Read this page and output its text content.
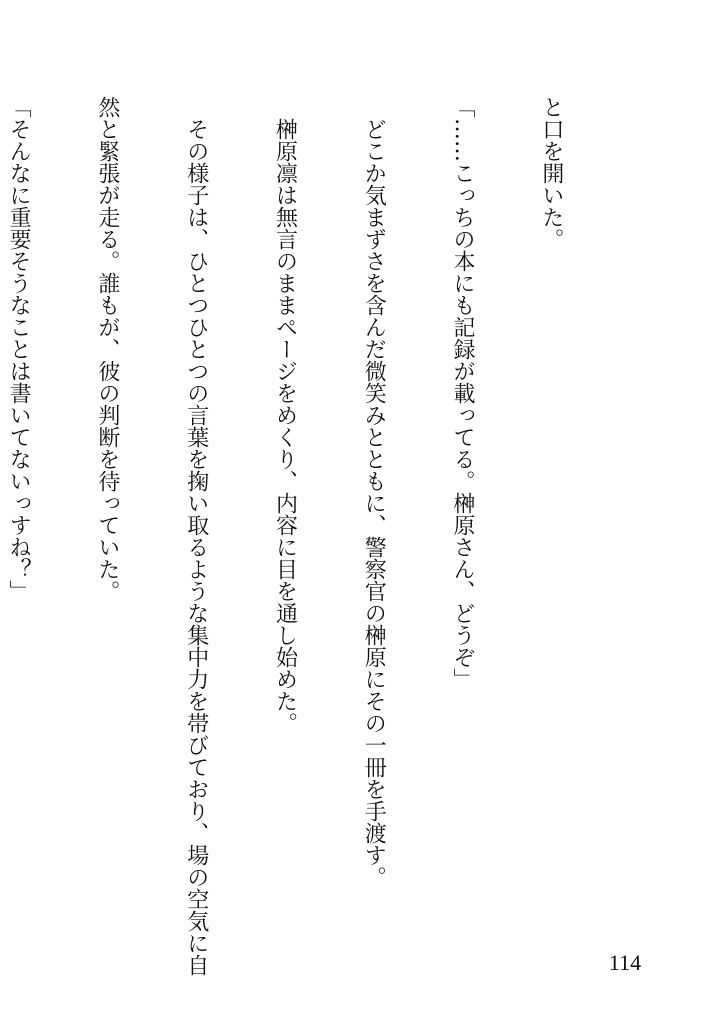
と口を開いた。

「……こっちの本にも記録が載ってる。榊原さん、どうぞ」

　どこか気まずさを含んだ微笑みとともに、警察官の榊原にその一冊を手渡す。

　榊原凛は無言のままページをめくり、内容に目を通し始めた。

　その様子は、ひとつひとつの言葉を掬い取るような集中力を帯びており、場の空気に自

然と緊張が走る。誰もが、彼の判断を待っていた。

「そんなに重要そうなことは書いてないっすね？」

114
